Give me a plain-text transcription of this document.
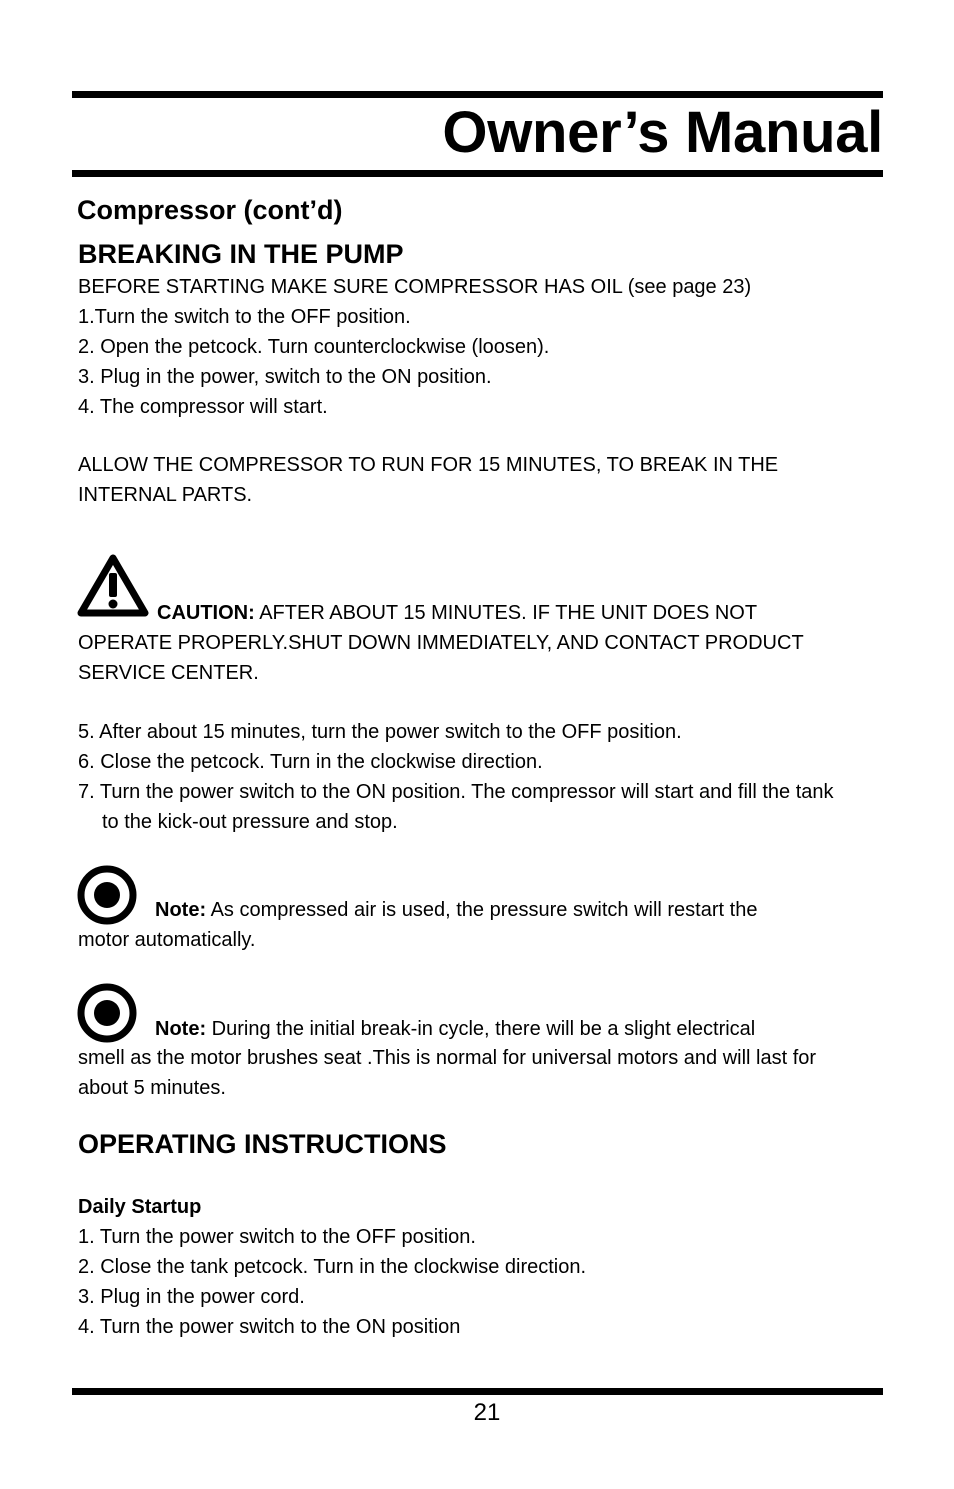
Owner’s Manual
Compressor (cont’d)
BREAKING IN THE PUMP
BEFORE STARTING MAKE SURE COMPRESSOR HAS OIL (see page 23)
1.Turn the switch to the OFF position.
2. Open the petcock. Turn counterclockwise (loosen).
3. Plug in the power, switch to the ON position.
4. The compressor will start.
ALLOW THE COMPRESSOR TO RUN FOR 15 MINUTES, TO BREAK IN THE
INTERNAL PARTS.
CAUTION: AFTER ABOUT 15 MINUTES. IF THE UNIT DOES NOT
OPERATE PROPERLY.SHUT DOWN IMMEDIATELY, AND CONTACT PRODUCT
SERVICE CENTER.
5. After about 15 minutes, turn the power switch to the OFF position.
6. Close the petcock. Turn in the clockwise direction.
7. Turn the power switch to the ON position. The compressor will start and fill the tank
to the kick-out pressure and stop.
Note: As compressed air is used, the pressure switch will restart the
motor automatically.
Note: During the initial break-in cycle, there will be a slight electrical
smell as the motor brushes seat .This is normal for universal motors and will last for
about 5 minutes.
OPERATING INSTRUCTIONS
Daily Startup
1. Turn the power switch to the OFF position.
2. Close the tank petcock. Turn in the clockwise direction.
3. Plug in the power cord.
4. Turn the power switch to the ON position
21
